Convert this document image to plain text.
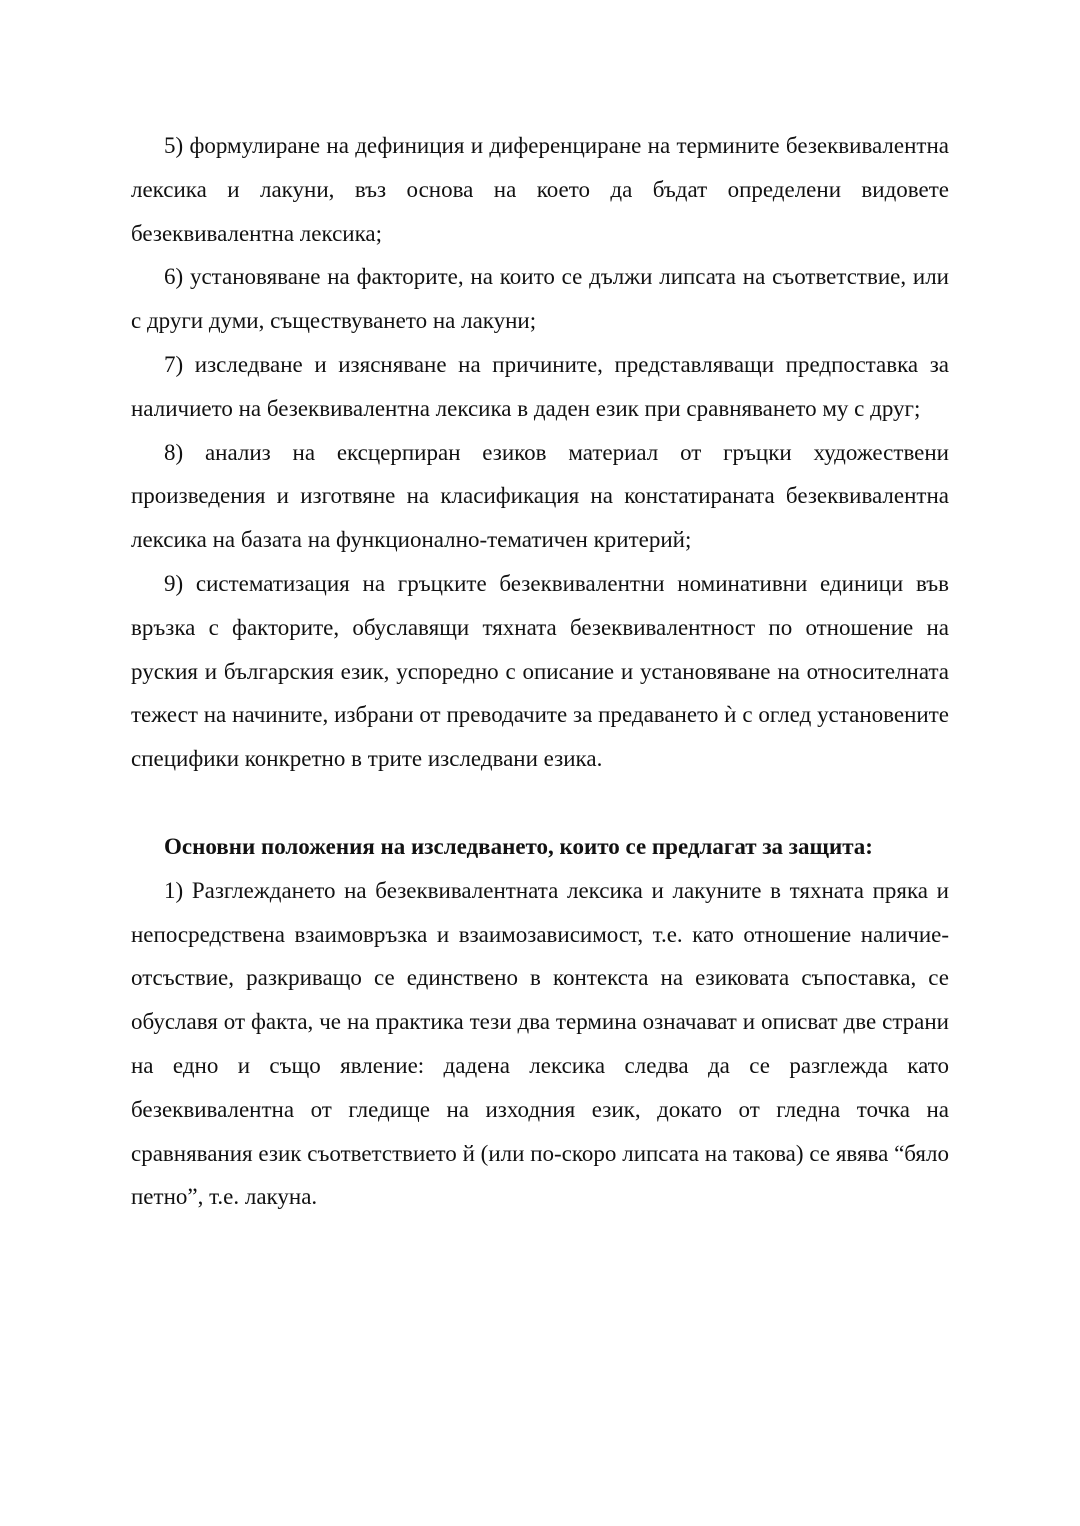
5) формулиране на дефиниция и диференциране на термините безеквивалентна лексика и лакуни, въз основа на което да бъдат определени видовете безеквивалентна лексика;

6) установяване на факторите, на които се дължи липсата на съответствие, или с други думи, съществуването на лакуни;

7) изследване и изясняване на причините, представляващи предпоставка за наличието на безеквивалентна лексика в даден език при сравняването му с друг;

8) анализ на ексцерпиран езиков материал от гръцки художествени произведения и изготвяне на класификация на констатираната безеквивалентна лексика на базата на функционално-тематичен критерий;

9) систематизация на гръцките безеквивалентни номинативни единици във връзка с факторите, обуславящи тяхната безеквивалентност по отношение на руския и българския език, успоредно с описание и установяване на относителната тежест на начините, избрани от преводачите за предаването ѝ с оглед установените специфики конкретно в трите изследвани езика.

Основни положения на изследването, които се предлагат за защита:

1) Разглеждането на безеквивалентната лексика и лакуните в тяхната пряка и непосредствена взаимовръзка и взаимозависимост, т.е. като отношение наличие-отсъствие, разкриващо се единствено в контекста на езиковата съпоставка, се обуславя от факта, че на практика тези два термина означават и описват две страни на едно и също явление: дадена лексика следва да се разглежда като безеквивалентна от гледище на изходния език, докато от гледна точка на сравнявания език съответствието й (или по-скоро липсата на такова) се явява “бяло петно”, т.е. лакуна.
